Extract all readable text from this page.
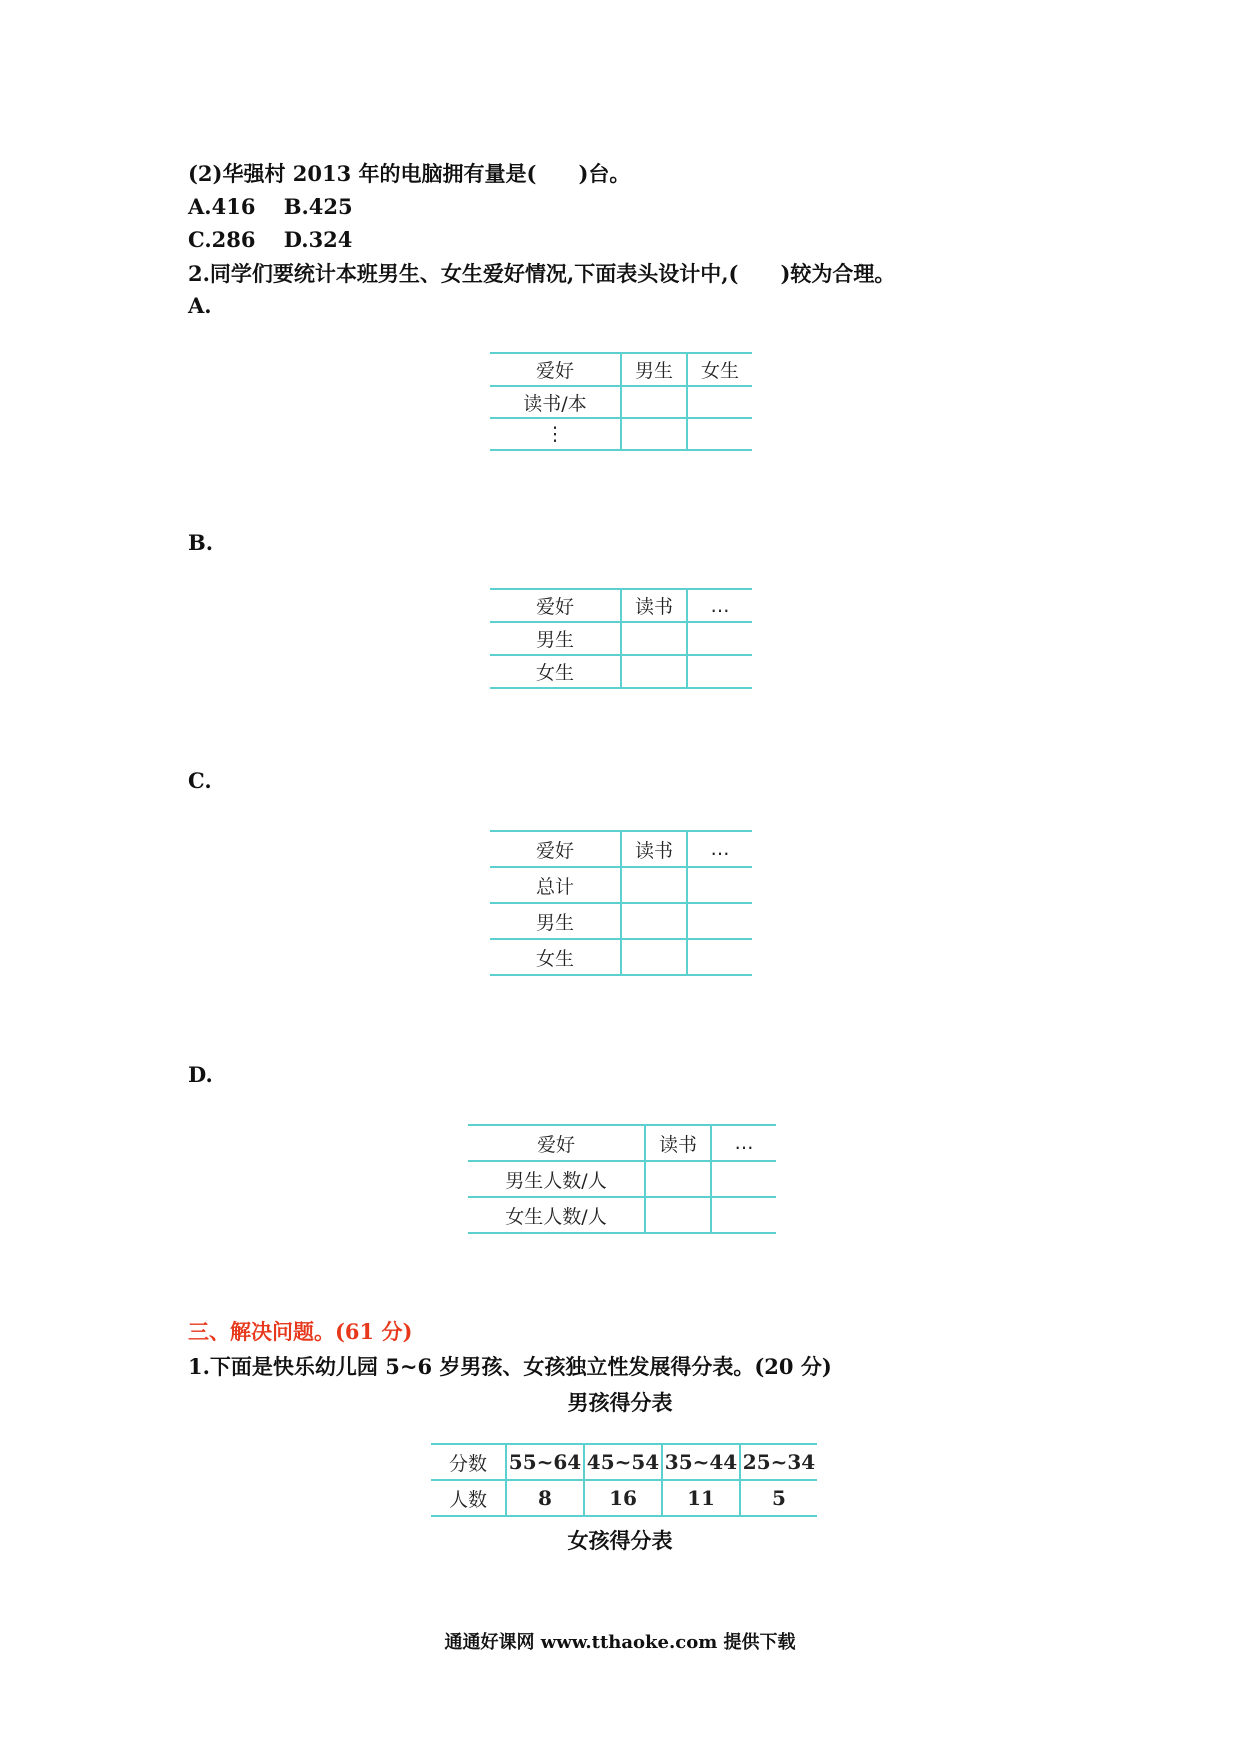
(2)华强村 2013 年的电脑拥有量是(　　)台。
A.416　 B.425
C.286　 D.324
2.同学们要统计本班男生、女生爱好情况,下面表头设计中,(　　)较为合理。
A.
爱好	男生	女生
读书/本		
⋮		
B.
爱好	读书	…
男生		
女生		
C.
爱好	读书	…
总计		
男生		
女生		
D.
爱好	读书	…
男生人数/人		
女生人数/人		
三、解决问题。(61 分)
1.下面是快乐幼儿园 5~6 岁男孩、女孩独立性发展得分表。(20 分)
男孩得分表
分数	55~64	45~54	35~44	25~34
人数	8	16	11	5
女孩得分表
通通好课网 www.tthaoke.com 提供下载
